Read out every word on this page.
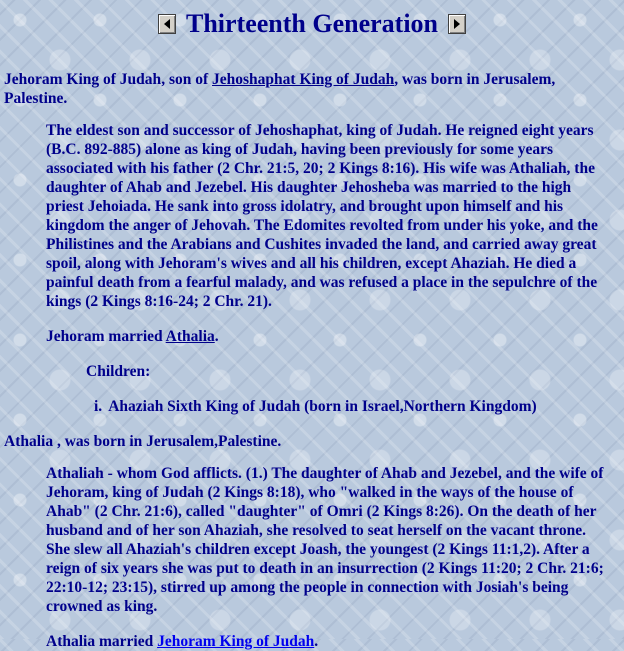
Thirteenth Generation
Jehoram King of Judah, son of Jehoshaphat King of Judah, was born in Jerusalem, Palestine.
The eldest son and successor of Jehoshaphat, king of Judah. He reigned eight years (B.C. 892-885) alone as king of Judah, having been previously for some years associated with his father (2 Chr. 21:5, 20; 2 Kings 8:16). His wife was Athaliah, the daughter of Ahab and Jezebel. His daughter Jehosheba was married to the high priest Jehoiada. He sank into gross idolatry, and brought upon himself and his kingdom the anger of Jehovah. The Edomites revolted from under his yoke, and the Philistines and the Arabians and Cushites invaded the land, and carried away great spoil, along with Jehoram's wives and all his children, except Ahaziah. He died a painful death from a fearful malady, and was refused a place in the sepulchre of the kings (2 Kings 8:16-24; 2 Chr. 21).
Jehoram married Athalia.
Children:
i. Ahaziah Sixth King of Judah (born in Israel,Northern Kingdom)
Athalia , was born in Jerusalem,Palestine.
Athaliah - whom God afflicts. (1.) The daughter of Ahab and Jezebel, and the wife of Jehoram, king of Judah (2 Kings 8:18), who "walked in the ways of the house of Ahab" (2 Chr. 21:6), called "daughter" of Omri (2 Kings 8:26). On the death of her husband and of her son Ahaziah, she resolved to seat herself on the vacant throne. She slew all Ahaziah's children except Joash, the youngest (2 Kings 11:1,2). After a reign of six years she was put to death in an insurrection (2 Kings 11:20; 2 Chr. 21:6; 22:10-12; 23:15), stirred up among the people in connection with Josiah's being crowned as king.
Athalia married Jehoram King of Judah.
